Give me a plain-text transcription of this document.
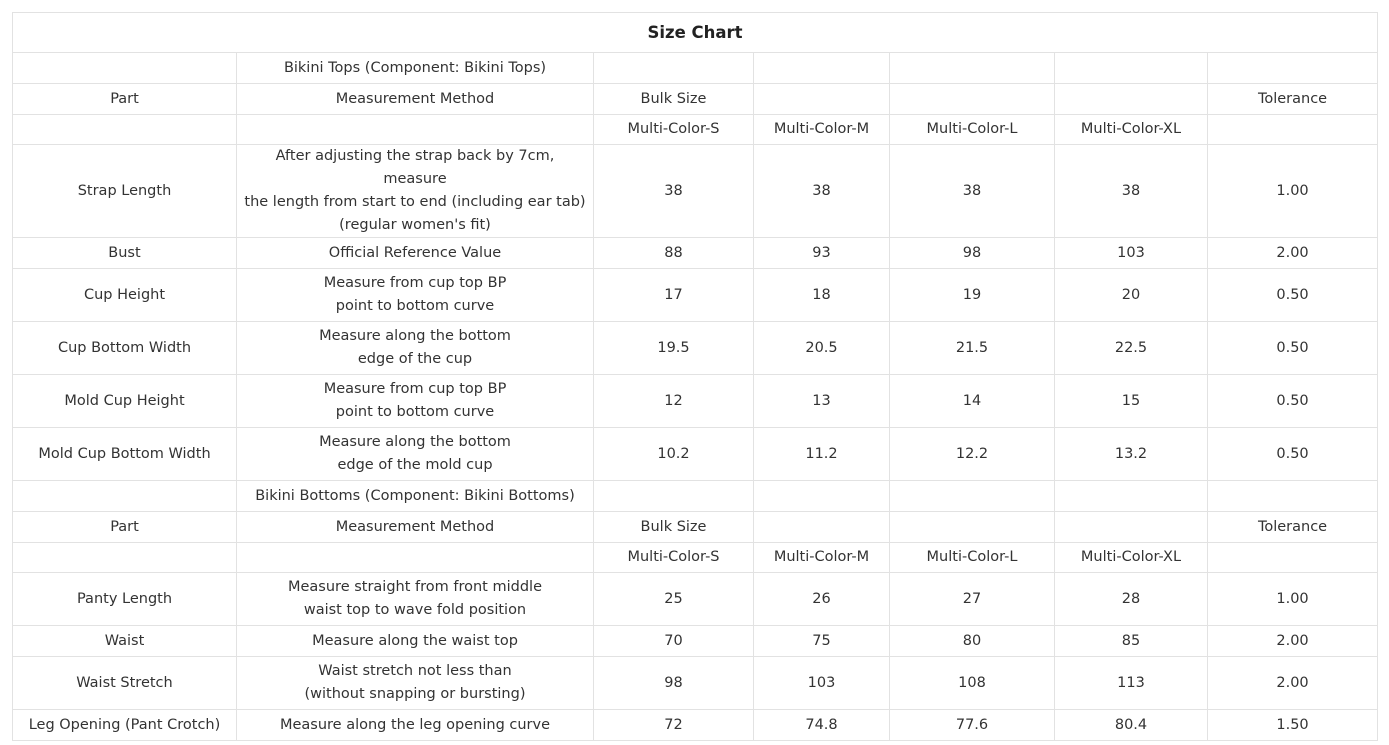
Size Chart						
	Bikini Tops (Component: Bikini Tops)					
Part	Measurement Method	Bulk Size				Tolerance
		Multi-Color-S	Multi-Color-M	Multi-Color-L	Multi-Color-XL	
Strap Length	After adjusting the strap back by 7cm, measure
the length from start to end (including ear tab)
(regular women's fit)	38	38	38	38	1.00
Bust	Official Reference Value	88	93	98	103	2.00
Cup Height	Measure from cup top BP
point to bottom curve	17	18	19	20	0.50
Cup Bottom Width	Measure along the bottom
edge of the cup	19.5	20.5	21.5	22.5	0.50
Mold Cup Height	Measure from cup top BP
point to bottom curve	12	13	14	15	0.50
Mold Cup Bottom Width	Measure along the bottom
edge of the mold cup	10.2	11.2	12.2	13.2	0.50
	Bikini Bottoms (Component: Bikini Bottoms)					
Part	Measurement Method	Bulk Size				Tolerance
		Multi-Color-S	Multi-Color-M	Multi-Color-L	Multi-Color-XL	
Panty Length	Measure straight from front middle
waist top to wave fold position	25	26	27	28	1.00
Waist	Measure along the waist top	70	75	80	85	2.00
Waist Stretch	Waist stretch not less than
(without snapping or bursting)	98	103	108	113	2.00
Leg Opening (Pant Crotch)	Measure along the leg opening curve	72	74.8	77.6	80.4	1.50
